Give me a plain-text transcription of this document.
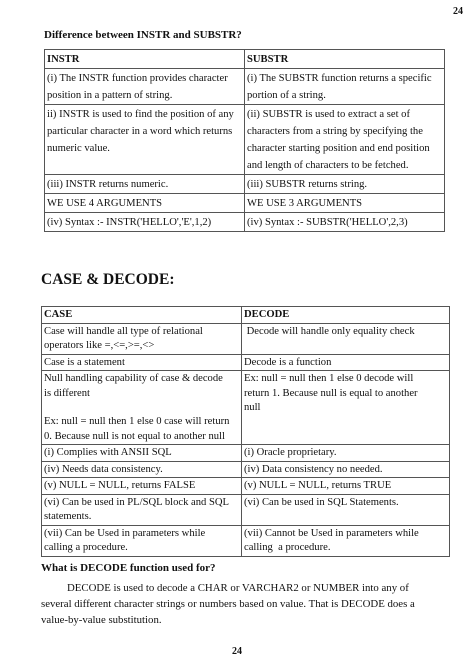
24
Difference between INSTR and SUBSTR?
INSTR	SUBSTR

(i) The INSTR function provides character
position in a pattern of string.	(i) The SUBSTR function returns a specific
portion of a string.

ii) INSTR is used to find the position of any
particular character in a word which returns
numeric value.	(ii) SUBSTR is used to extract a set of
characters from a string by specifying the
character starting position and end position
and length of characters to be fetched.

(iii) INSTR returns numeric.	(iii) SUBSTR returns string.

WE USE 4 ARGUMENTS	WE USE 3 ARGUMENTS

(iv) Syntax :- INSTR('HELLO','E',1,2)	(iv) Syntax :- SUBSTR('HELLO',2,3)
CASE & DECODE:
CASE	DECODE

Case will handle all type of relational
operators like =,<=,>=,<>	Decode will handle only equality check

Case is a statement	Decode is a function

Null handling capability of case & decode
is different
Ex: null = null then 1 else 0 case will return
0. Because null is not equal to another null	Ex: null = null then 1 else 0 decode will
return 1. Because null is equal to another
null

(i) Complies with ANSII SQL	(i) Oracle proprietary.

(iv) Needs data consistency.	(iv) Data consistency no needed.

(v) NULL = NULL, returns FALSE	(v) NULL = NULL, returns TRUE

(vi) Can be used in PL/SQL block and SQL
statements.	(vi) Can be used in SQL Statements.

(vii) Can be Used in parameters while
calling a procedure.	(vii) Cannot be Used in parameters while
calling  a procedure.
What is DECODE function used for?
DECODE is used to decode a CHAR or VARCHAR2 or NUMBER into any of
several different character strings or numbers based on value. That is DECODE does a
value-by-value substitution.
24
